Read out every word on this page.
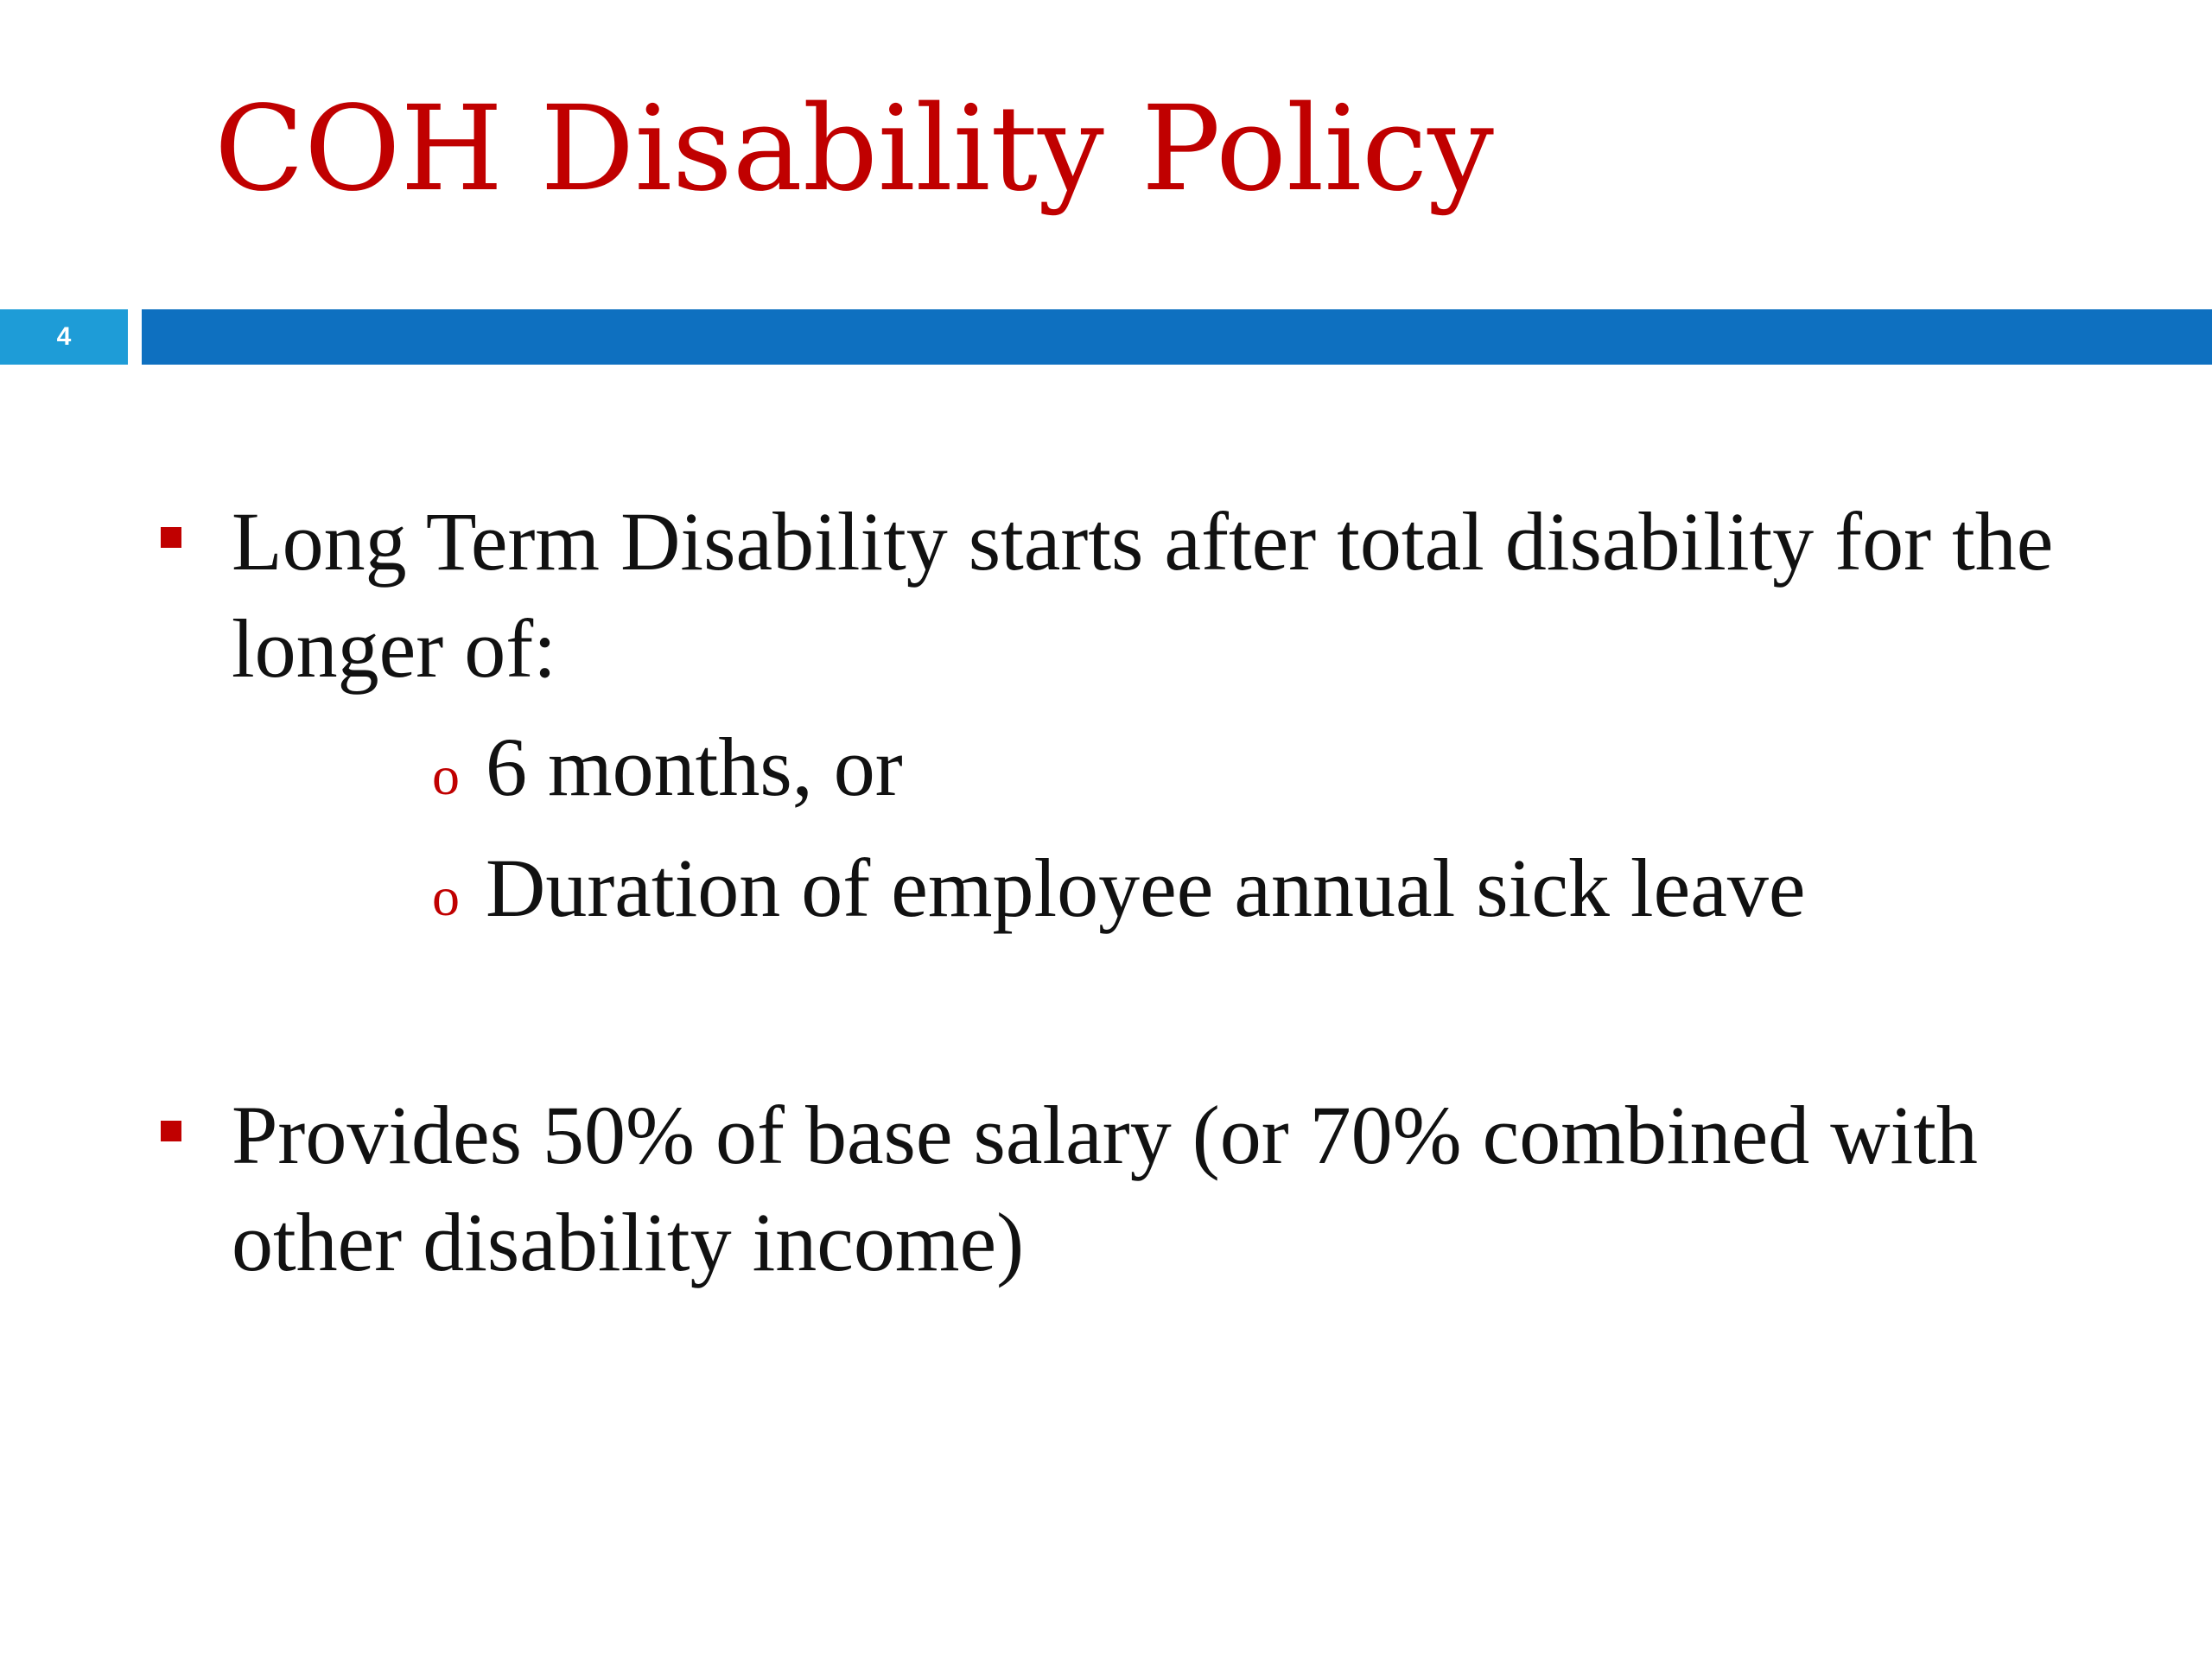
COH Disability Policy
4

Long Term Disability starts after total disability for the longer of:

o 6 months, or
o Duration of employee annual sick leave

Provides 50% of base salary (or 70% combined with other disability income)
